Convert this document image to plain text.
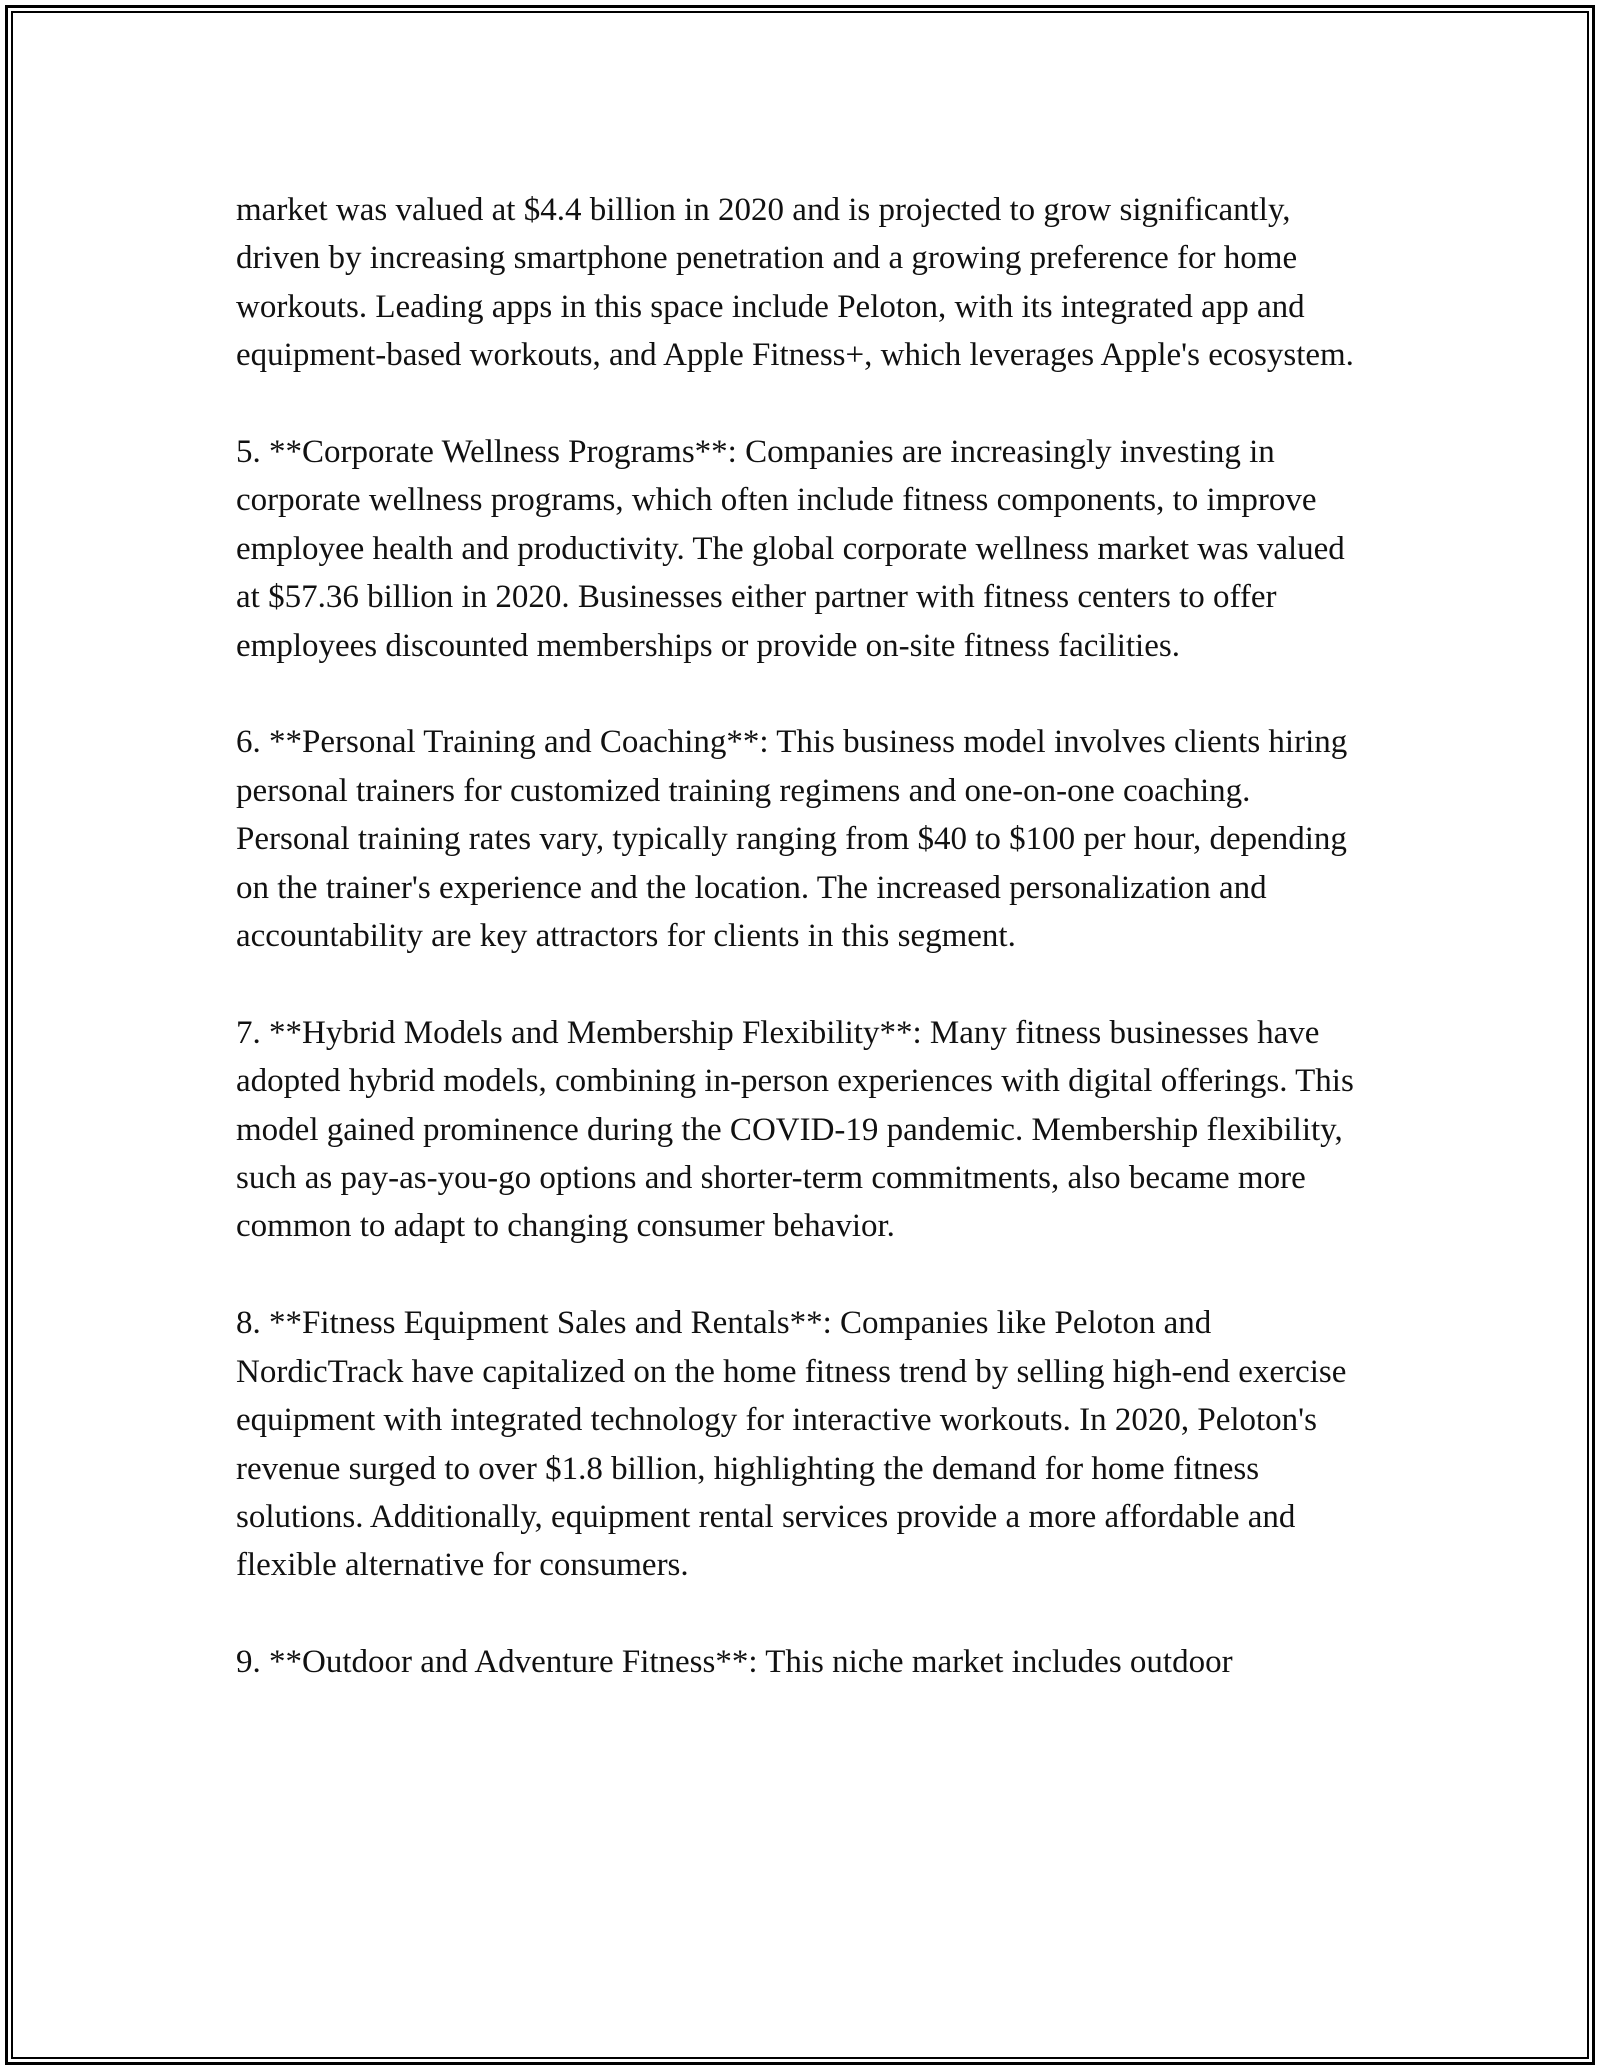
market was valued at $4.4 billion in 2020 and is projected to grow significantly, driven by increasing smartphone penetration and a growing preference for home workouts. Leading apps in this space include Peloton, with its integrated app and equipment-based workouts, and Apple Fitness+, which leverages Apple's ecosystem.

5. **Corporate Wellness Programs**: Companies are increasingly investing in corporate wellness programs, which often include fitness components, to improve employee health and productivity. The global corporate wellness market was valued at $57.36 billion in 2020. Businesses either partner with fitness centers to offer employees discounted memberships or provide on-site fitness facilities.

6. **Personal Training and Coaching**: This business model involves clients hiring personal trainers for customized training regimens and one-on-one coaching. Personal training rates vary, typically ranging from $40 to $100 per hour, depending on the trainer's experience and the location. The increased personalization and accountability are key attractors for clients in this segment.

7. **Hybrid Models and Membership Flexibility**: Many fitness businesses have adopted hybrid models, combining in-person experiences with digital offerings. This model gained prominence during the COVID-19 pandemic. Membership flexibility, such as pay-as-you-go options and shorter-term commitments, also became more common to adapt to changing consumer behavior.

8. **Fitness Equipment Sales and Rentals**: Companies like Peloton and NordicTrack have capitalized on the home fitness trend by selling high-end exercise equipment with integrated technology for interactive workouts. In 2020, Peloton's revenue surged to over $1.8 billion, highlighting the demand for home fitness solutions. Additionally, equipment rental services provide a more affordable and flexible alternative for consumers.

9. **Outdoor and Adventure Fitness**: This niche market includes outdoor
